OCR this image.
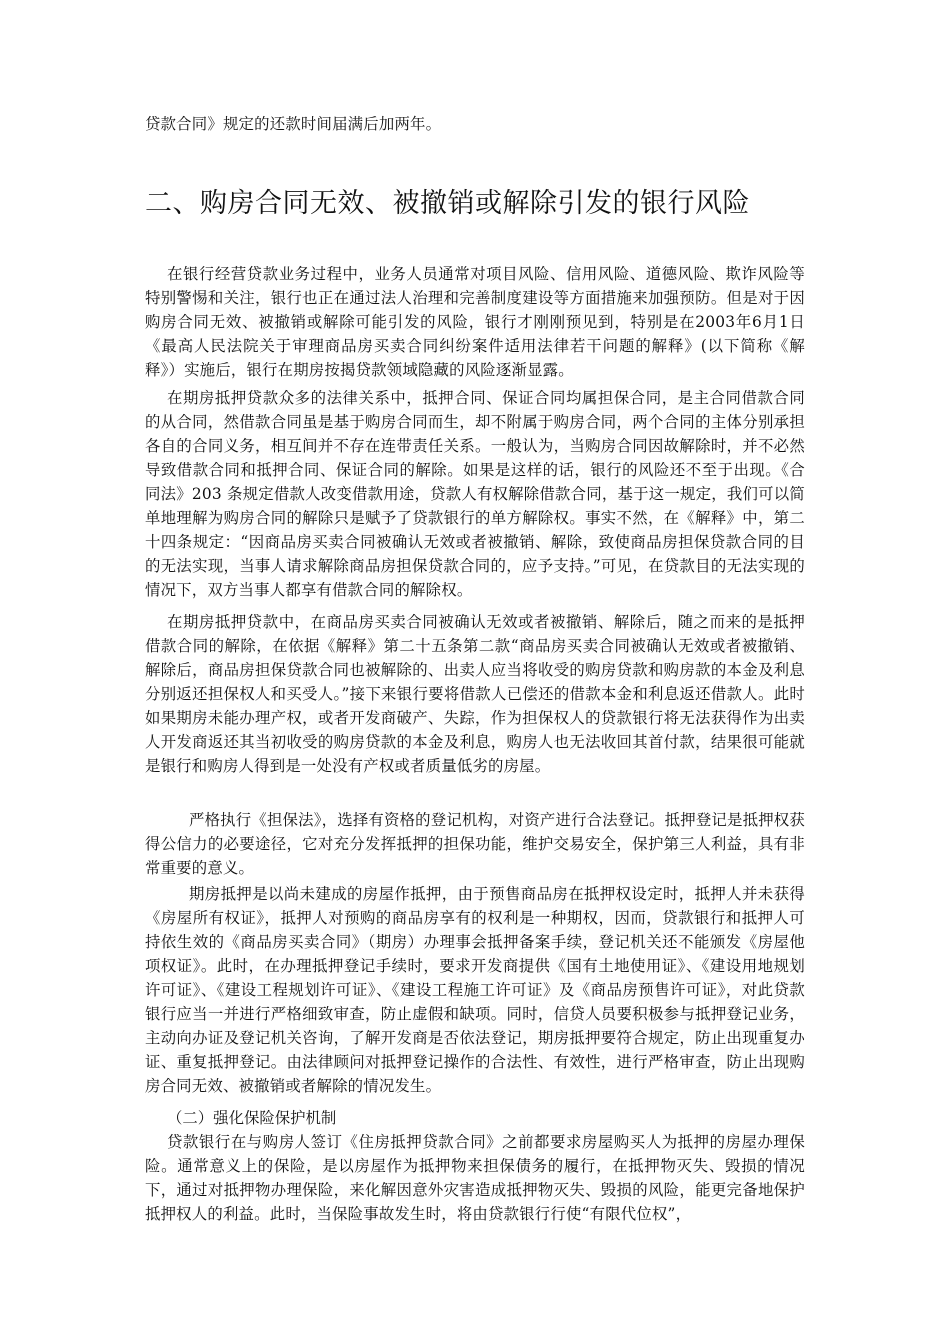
贷款合同》规定的还款时间届满后加两年。

二、购房合同无效、被撤销或解除引发的银行风险

在银行经营贷款业务过程中，业务人员通常对项目风险、信用风险、道德风险、欺诈风险等特别警惕和关注，银行也正在通过法人治理和完善制度建设等方面措施来加强预防。但是对于因购房合同无效、被撤销或解除可能引发的风险，银行才刚刚预见到，特别是在2003年6月1日《最高人民法院关于审理商品房买卖合同纠纷案件适用法律若干问题的解释》(以下简称《解释》）实施后，银行在期房按揭贷款领域隐藏的风险逐渐显露。

在期房抵押贷款众多的法律关系中，抵押合同、保证合同均属担保合同，是主合同借款合同的从合同，然借款合同虽是基于购房合同而生，却不附属于购房合同，两个合同的主体分别承担各自的合同义务，相互间并不存在连带责任关系。一般认为，当购房合同因故解除时，并不必然导致借款合同和抵押合同、保证合同的解除。如果是这样的话，银行的风险还不至于出现。《合同法》203 条规定借款人改变借款用途，贷款人有权解除借款合同，基于这一规定，我们可以简单地理解为购房合同的解除只是赋予了贷款银行的单方解除权。事实不然，在《解释》中，第二十四条规定：“因商品房买卖合同被确认无效或者被撤销、解除，致使商品房担保贷款合同的目的无法实现，当事人请求解除商品房担保贷款合同的，应予支持。”可见，在贷款目的无法实现的情况下，双方当事人都享有借款合同的解除权。

在期房抵押贷款中，在商品房买卖合同被确认无效或者被撤销、解除后，随之而来的是抵押借款合同的解除，在依据《解释》第二十五条第二款“商品房买卖合同被确认无效或者被撤销、解除后，商品房担保贷款合同也被解除的、出卖人应当将收受的购房贷款和购房款的本金及利息分别返还担保权人和买受人。”接下来银行要将借款人已偿还的借款本金和利息返还借款人。此时如果期房未能办理产权，或者开发商破产、失踪，作为担保权人的贷款银行将无法获得作为出卖人开发商返还其当初收受的购房贷款的本金及利息，购房人也无法收回其首付款，结果很可能就是银行和购房人得到是一处没有产权或者质量低劣的房屋。

严格执行《担保法》，选择有资格的登记机构，对资产进行合法登记。抵押登记是抵押权获得公信力的必要途径，它对充分发挥抵押的担保功能，维护交易安全，保护第三人利益，具有非常重要的意义。

期房抵押是以尚未建成的房屋作抵押，由于预售商品房在抵押权设定时，抵押人并未获得《房屋所有权证》，抵押人对预购的商品房享有的权利是一种期权，因而，贷款银行和抵押人可持依生效的《商品房买卖合同》（期房）办理事会抵押备案手续，登记机关还不能颁发《房屋他项权证》。此时，在办理抵押登记手续时，要求开发商提供《国有土地使用证》、《建设用地规划许可证》、《建设工程规划许可证》、《建设工程施工许可证》及《商品房预售许可证》，对此贷款银行应当一并进行严格细致审查，防止虚假和缺项。同时，信贷人员要积极参与抵押登记业务，主动向办证及登记机关咨询，了解开发商是否依法登记，期房抵押要符合规定，防止出现重复办证、重复抵押登记。由法律顾问对抵押登记操作的合法性、有效性，进行严格审查，防止出现购房合同无效、被撤销或者解除的情况发生。

（二）强化保险保护机制

贷款银行在与购房人签订《住房抵押贷款合同》之前都要求房屋购买人为抵押的房屋办理保险。通常意义上的保险，是以房屋作为抵押物来担保债务的履行，在抵押物灭失、毁损的情况下，通过对抵押物办理保险，来化解因意外灾害造成抵押物灭失、毁损的风险，能更完备地保护抵押权人的利益。此时，当保险事故发生时，将由贷款银行行使“有限代位权”，
